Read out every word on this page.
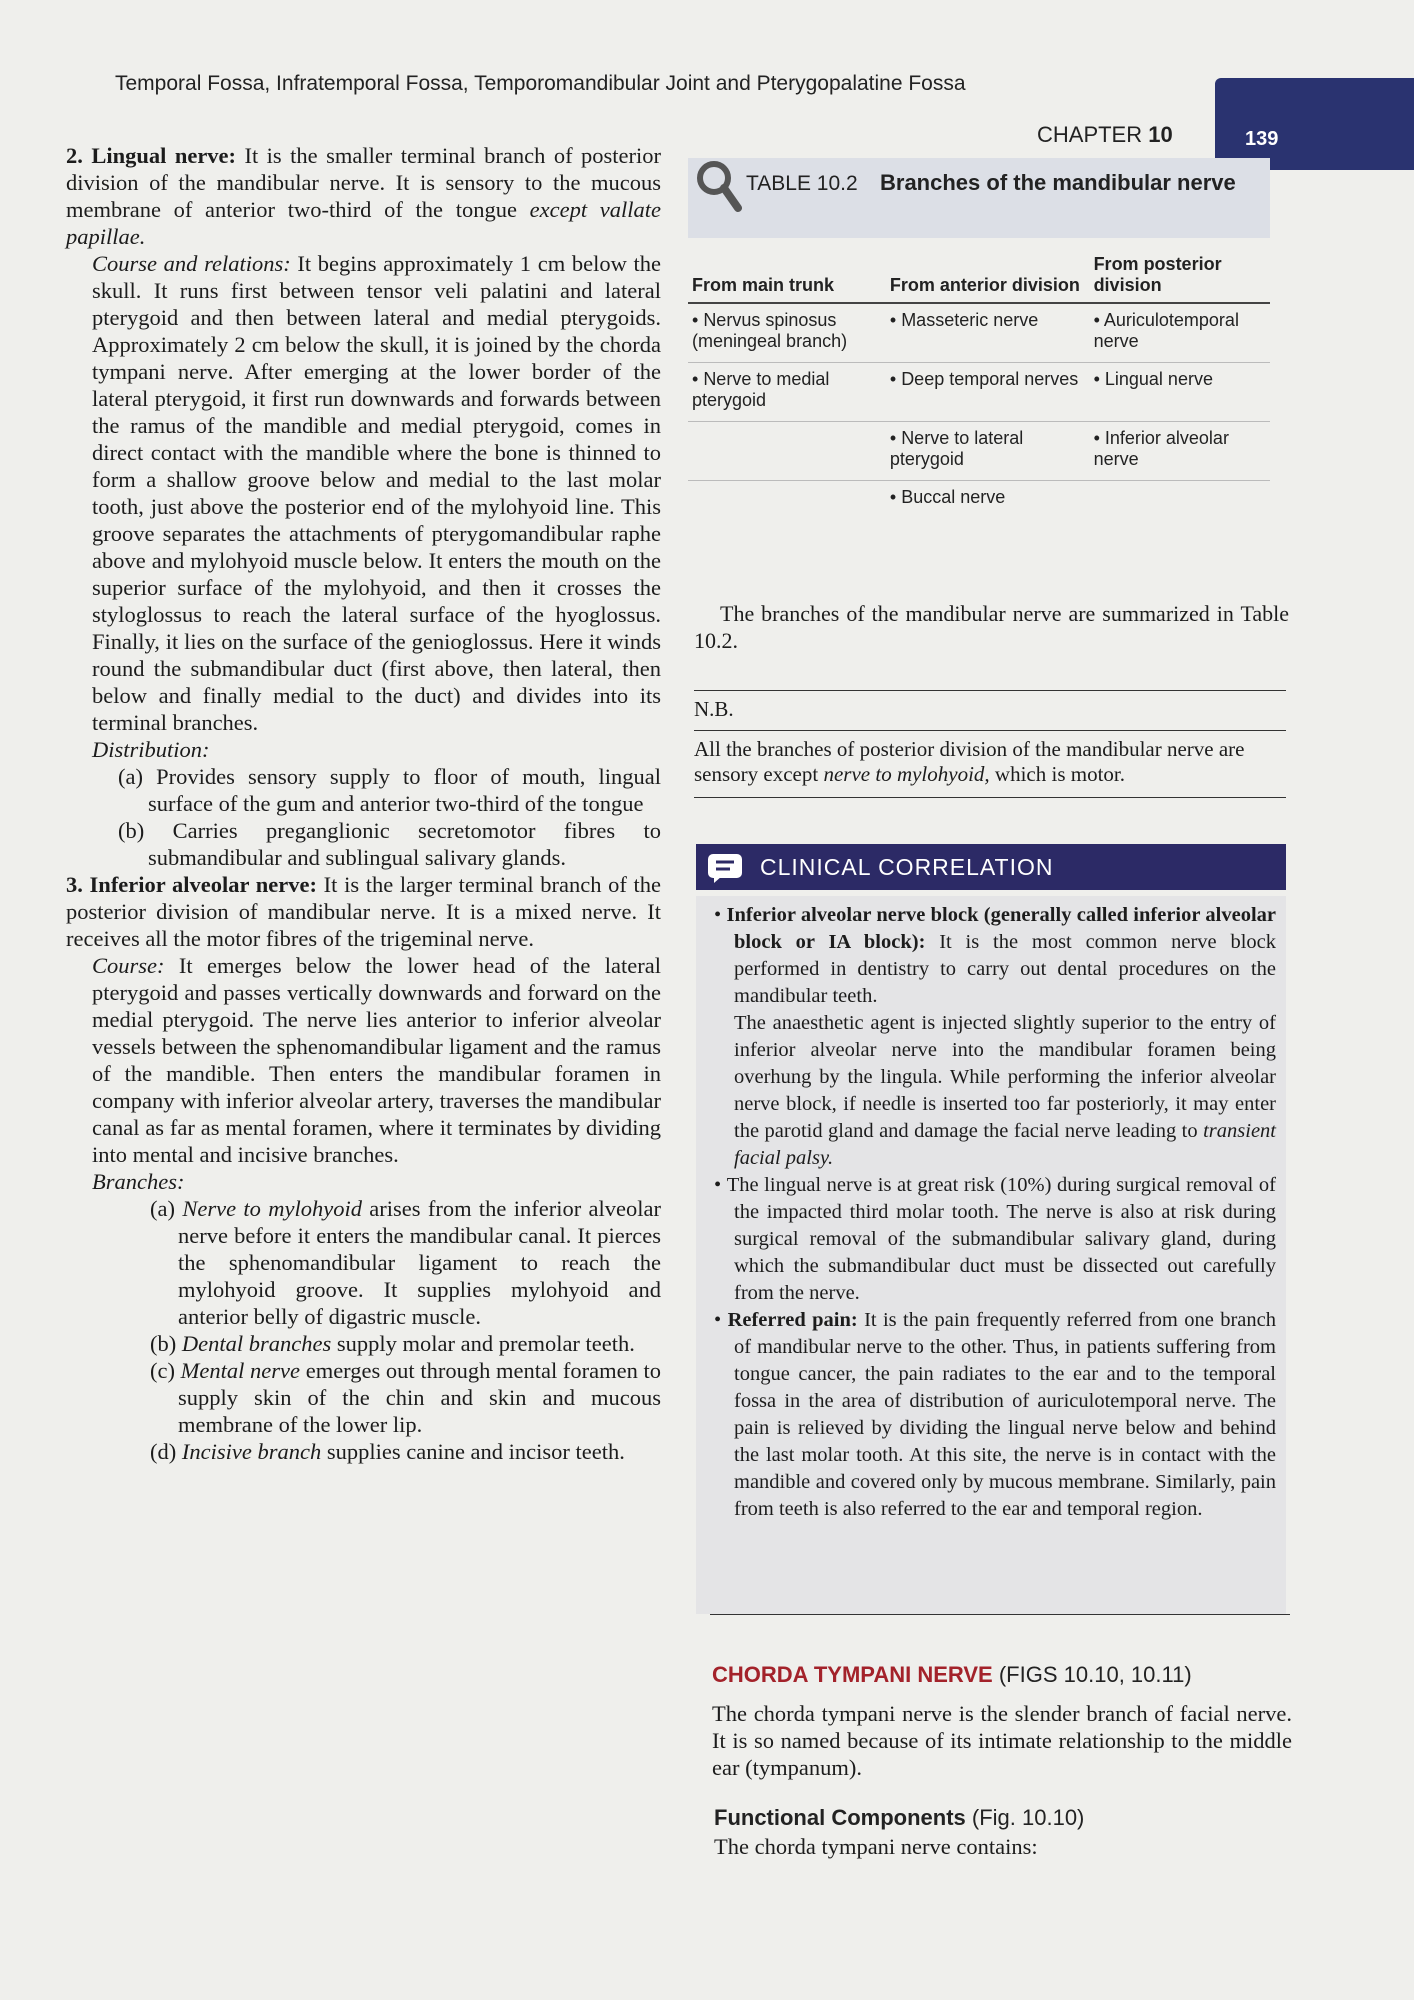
Temporal Fossa, Infratemporal Fossa, Temporomandibular Joint and Pterygopalatine Fossa
CHAPTER 10	139

2. Lingual nerve: It is the smaller terminal branch of posterior division of the mandibular nerve. It is sensory to the mucous membrane of anterior two-third of the tongue except vallate papillae.

Course and relations: It begins approximately 1 cm below the skull. It runs first between tensor veli palatini and lateral pterygoid and then between lateral and medial pterygoids. Approximately 2 cm below the skull, it is joined by the chorda tympani nerve. After emerging at the lower border of the lateral pterygoid, it first run downwards and forwards between the ramus of the mandible and medial pterygoid, comes in direct contact with the mandible where the bone is thinned to form a shallow groove below and medial to the last molar tooth, just above the posterior end of the mylohyoid line. This groove separates the attachments of pterygomandibular raphe above and mylohyoid muscle below. It enters the mouth on the superior surface of the mylohyoid, and then it crosses the styloglossus to reach the lateral surface of the hyoglossus. Finally, it lies on the surface of the genioglossus. Here it winds round the submandibular duct (first above, then lateral, then below and finally medial to the duct) and divides into its terminal branches.

Distribution:

(a) Provides sensory supply to floor of mouth, lingual surface of the gum and anterior two-third of the tongue

(b) Carries preganglionic secretomotor fibres to submandibular and sublingual salivary glands.

3. Inferior alveolar nerve: It is the larger terminal branch of the posterior division of mandibular nerve. It is a mixed nerve. It receives all the motor fibres of the trigeminal nerve.

Course: It emerges below the lower head of the lateral pterygoid and passes vertically downwards and forward on the medial pterygoid. The nerve lies anterior to inferior alveolar vessels between the sphenomandibular ligament and the ramus of the mandible. Then enters the mandibular foramen in company with inferior alveolar artery, traverses the mandibular canal as far as mental foramen, where it terminates by dividing into mental and incisive branches.

Branches:

(a) Nerve to mylohyoid arises from the inferior alveolar nerve before it enters the mandibular canal. It pierces the sphenomandibular ligament to reach the mylohyoid groove. It supplies mylohyoid and anterior belly of digastric muscle.

(b) Dental branches supply molar and premolar teeth.

(c) Mental nerve emerges out through mental foramen to supply skin of the chin and skin and mucous membrane of the lower lip.

(d) Incisive branch supplies canine and incisor teeth.

TABLE 10.2 Branches of the mandibular nerve
From main trunk	From anterior division	From posterior division
• Nervus spinosus (meningeal branch)	• Masseteric nerve	• Auriculotemporal nerve
• Nerve to medial pterygoid	• Deep temporal nerves	• Lingual nerve
	• Nerve to lateral pterygoid	• Inferior alveolar nerve
	• Buccal nerve	
The branches of the mandibular nerve are summarized in Table 10.2.
N.B.
All the branches of posterior division of the mandibular nerve are sensory except nerve to mylohyoid, which is motor.
CLINICAL CORRELATION

• Inferior alveolar nerve block (generally called inferior alveolar block or IA block): It is the most common nerve block performed in dentistry to carry out dental procedures on the mandibular teeth.

The anaesthetic agent is injected slightly superior to the entry of inferior alveolar nerve into the mandibular foramen being overhung by the lingula. While performing the inferior alveolar nerve block, if needle is inserted too far posteriorly, it may enter the parotid gland and damage the facial nerve leading to transient facial palsy.

• The lingual nerve is at great risk (10%) during surgical removal of the impacted third molar tooth. The nerve is also at risk during surgical removal of the submandibular salivary gland, during which the submandibular duct must be dissected out carefully from the nerve.

• Referred pain: It is the pain frequently referred from one branch of mandibular nerve to the other. Thus, in patients suffering from tongue cancer, the pain radiates to the ear and to the temporal fossa in the area of distribution of auriculotemporal nerve. The pain is relieved by dividing the lingual nerve below and behind the last molar tooth. At this site, the nerve is in contact with the mandible and covered only by mucous membrane. Similarly, pain from teeth is also referred to the ear and temporal region.

CHORDA TYMPANI NERVE (FIGS 10.10, 10.11)
The chorda tympani nerve is the slender branch of facial nerve. It is so named because of its intimate relationship to the middle ear (tympanum).
Functional Components (Fig. 10.10)
The chorda tympani nerve contains:
